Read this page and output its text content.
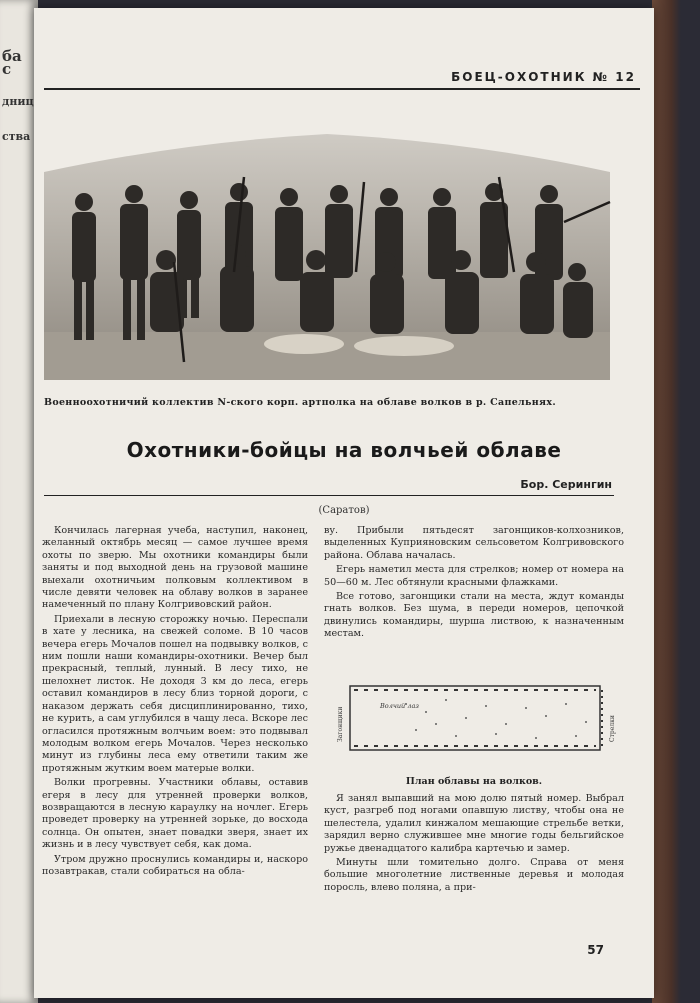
ба с
дниц
ства
БОЕЦ-ОХОТНИК № 12
Военноохотничий коллектив N-ского корп. артполка на облаве волков в р. Сапельнях.
Охотники-бойцы на волчьей облаве
Бор. Серингин
(Саратов)

Кончилась лагерная учеба, наступил, наконец, желанный октябрь месяц — самое лучшее время охоты по зверю. Мы охотники командиры были заняты и под выходной день на грузовой машине выехали охотничьим полковым коллективом в числе девяти человек на облаву волков в заранее намеченный по плану Колгривовский район.

Приехали в лесную сторожку ночью. Переспали в хате у лесника, на свежей соломе. В 10 часов вечера егерь Мочалов пошел на подвывку волков, с ним пошли наши командиры-охотники. Вечер был прекрасный, теплый, лунный. В лесу тихо, не шелохнет листок. Не доходя 3 км до леса, егерь оставил командиров в лесу близ торной дороги, с наказом держать себя дисциплинированно, тихо, не курить, а сам углубился в чащу леса. Вскоре лес огласился протяжным волчьим воем: это подвывал молодым волком егерь Мочалов. Через несколько минут из глубины леса ему ответили таким же протяжным жутким воем матерые волки.

Волки прогревны. Участники облавы, оставив егеря в лесу для утренней проверки волков, возвращаются в лесную караулку на ночлег. Егерь проведет проверку на утренней зорьке, до восхода солнца. Он опытен, знает повадки зверя, знает их жизнь и в лесу чувствует себя, как дома.

Утром дружно проснулись командиры и, наскоро позавтракав, стали собираться на обла-

ву. Прибыли пятьдесят загонщиков-колхозников, выделенных Куприяновским сельсоветом Колгривовского района. Облава началась.

Егерь наметил места для стрелков; номер от номера на 50—60 м. Лес обтянули красными флажками.

Все готово, загонщики стали на места, ждут команды гнать волков. Без шума, в переди номеров, цепочкой двинулись командиры, шурша листвою, к назначенным местам.

Загонщики
Волчий лаз
Стрелки
План облавы на волков.

Я занял выпавший на мою долю пятый номер. Выбрал куст, разгреб под ногами опавшую листву, чтобы она не шелестела, удалил кинжалом мешающие стрельбе ветки, зарядил верно служившее мне многие годы бельгийское ружье двенадцатого калибра картечью и замер.

Минуты шли томительно долго. Справа от меня большие многолетние лиственные деревья и молодая поросль, влево поляна, а при-

57
